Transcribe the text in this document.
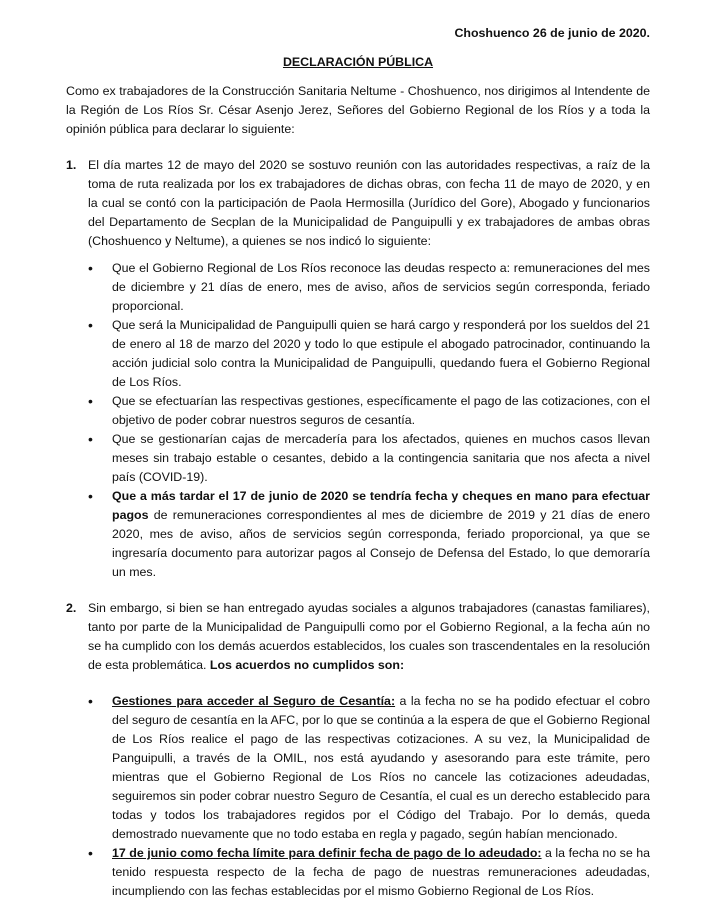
Choshuenco 26 de junio de 2020.

DECLARACIÓN PÚBLICA

Como ex trabajadores de la Construcción Sanitaria Neltume - Choshuenco, nos dirigimos al Intendente de la Región de Los Ríos Sr. César Asenjo Jerez, Señores del Gobierno Regional de los Ríos y a toda la opinión pública para declarar lo siguiente:

1. El día martes 12 de mayo del 2020 se sostuvo reunión con las autoridades respectivas, a raíz de la toma de ruta realizada por los ex trabajadores de dichas obras, con fecha 11 de mayo de 2020, y en la cual se contó con la participación de Paola Hermosilla (Jurídico del Gore), Abogado y funcionarios del Departamento de Secplan de la Municipalidad de Panguipulli y ex trabajadores de ambas obras (Choshuenco y Neltume), a quienes se nos indicó lo siguiente:

• Que el Gobierno Regional de Los Ríos reconoce las deudas respecto a: remuneraciones del mes de diciembre y 21 días de enero, mes de aviso, años de servicios según corresponda, feriado proporcional.
• Que será la Municipalidad de Panguipulli quien se hará cargo y responderá por los sueldos del 21 de enero al 18 de marzo del 2020 y todo lo que estipule el abogado patrocinador, continuando la acción judicial solo contra la Municipalidad de Panguipulli, quedando fuera el Gobierno Regional de Los Ríos.
• Que se efectuarían las respectivas gestiones, específicamente el pago de las cotizaciones, con el objetivo de poder cobrar nuestros seguros de cesantía.
• Que se gestionarían cajas de mercadería para los afectados, quienes en muchos casos llevan meses sin trabajo estable o cesantes, debido a la contingencia sanitaria que nos afecta a nivel país (COVID-19).
• Que a más tardar el 17 de junio de 2020 se tendría fecha y cheques en mano para efectuar pagos de remuneraciones correspondientes al mes de diciembre de 2019 y 21 días de enero 2020, mes de aviso, años de servicios según corresponda, feriado proporcional, ya que se ingresaría documento para autorizar pagos al Consejo de Defensa del Estado, lo que demoraría un mes.
2. Sin embargo, si bien se han entregado ayudas sociales a algunos trabajadores (canastas familiares), tanto por parte de la Municipalidad de Panguipulli como por el Gobierno Regional, a la fecha aún no se ha cumplido con los demás acuerdos establecidos, los cuales son trascendentales en la resolución de esta problemática. Los acuerdos no cumplidos son:

• Gestiones para acceder al Seguro de Cesantía: a la fecha no se ha podido efectuar el cobro del seguro de cesantía en la AFC, por lo que se continúa a la espera de que el Gobierno Regional de Los Ríos realice el pago de las respectivas cotizaciones. A su vez, la Municipalidad de Panguipulli, a través de la OMIL, nos está ayudando y asesorando para este trámite, pero mientras que el Gobierno Regional de Los Ríos no cancele las cotizaciones adeudadas, seguiremos sin poder cobrar nuestro Seguro de Cesantía, el cual es un derecho establecido para todas y todos los trabajadores regidos por el Código del Trabajo. Por lo demás, queda demostrado nuevamente que no todo estaba en regla y pagado, según habían mencionado.
• 17 de junio como fecha límite para definir fecha de pago de lo adeudado: a la fecha no se ha tenido respuesta respecto de la fecha de pago de nuestras remuneraciones adeudadas, incumpliendo con las fechas establecidas por el mismo Gobierno Regional de Los Ríos.
